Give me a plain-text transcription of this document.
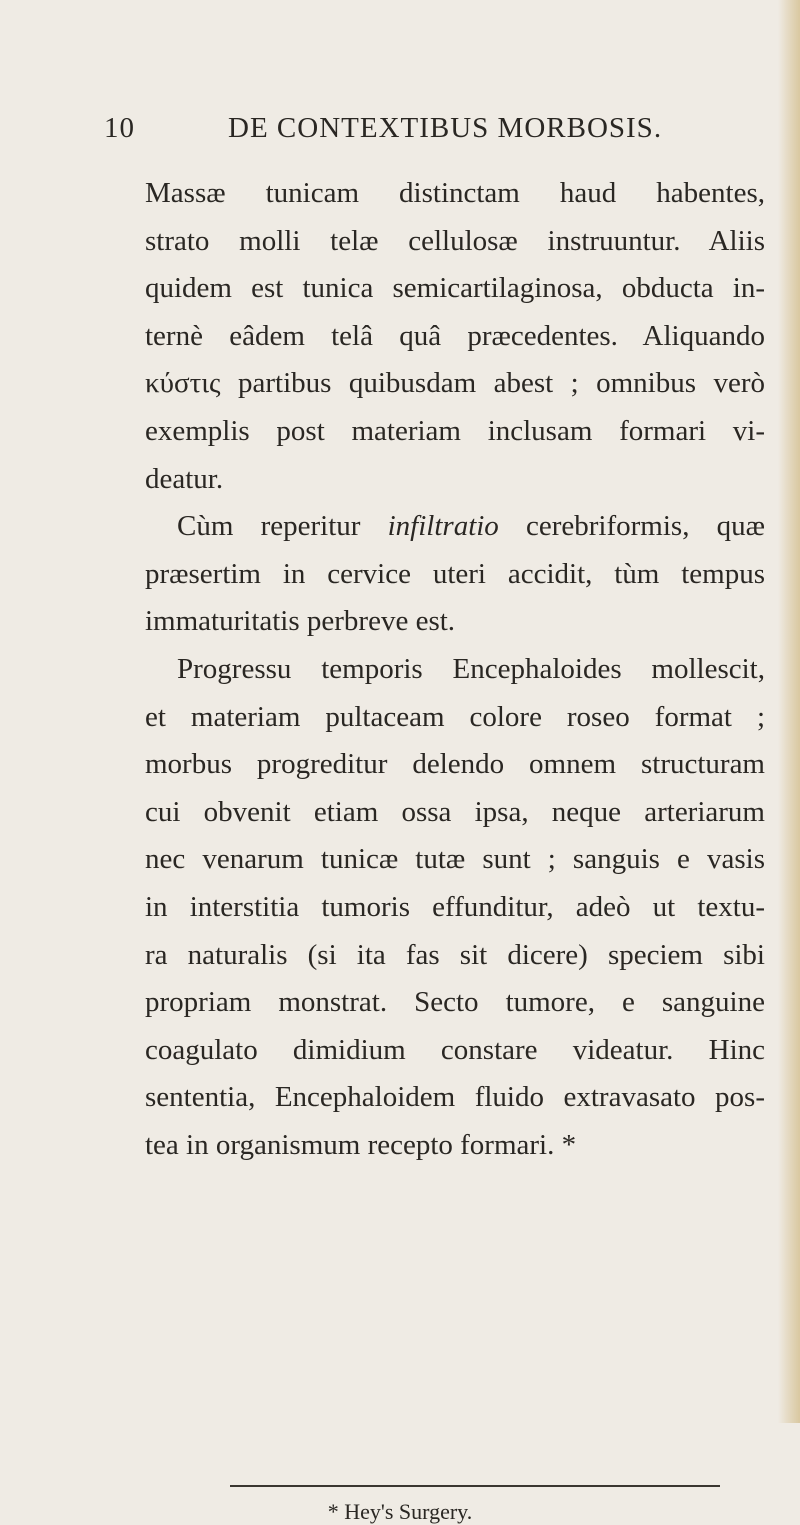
10	DE CONTEXTIBUS MORBOSIS.
Massæ tunicam distinctam haud habentes,
strato molli telæ cellulosæ instruuntur. Aliis
quidem est tunica semicartilaginosa, obducta in-
ternè eâdem telâ quâ præcedentes. Aliquando
κύστις partibus quibusdam abest ; omnibus verò
exemplis post materiam inclusam formari vi-
deatur.
Cùm reperitur infiltratio cerebriformis, quæ
præsertim in cervice uteri accidit, tùm tempus
immaturitatis perbreve est.
Progressu temporis Encephaloides mollescit,
et materiam pultaceam colore roseo format ;
morbus progreditur delendo omnem structuram
cui obvenit etiam ossa ipsa, neque arteriarum
nec venarum tunicæ tutæ sunt ; sanguis e vasis
in interstitia tumoris effunditur, adeò ut textu-
ra naturalis (si ita fas sit dicere) speciem sibi
propriam monstrat. Secto tumore, e sanguine
coagulato dimidium constare videatur. Hinc
sententia, Encephaloidem fluido extravasato pos-
tea in organismum recepto formari. *
* Hey's Surgery.
